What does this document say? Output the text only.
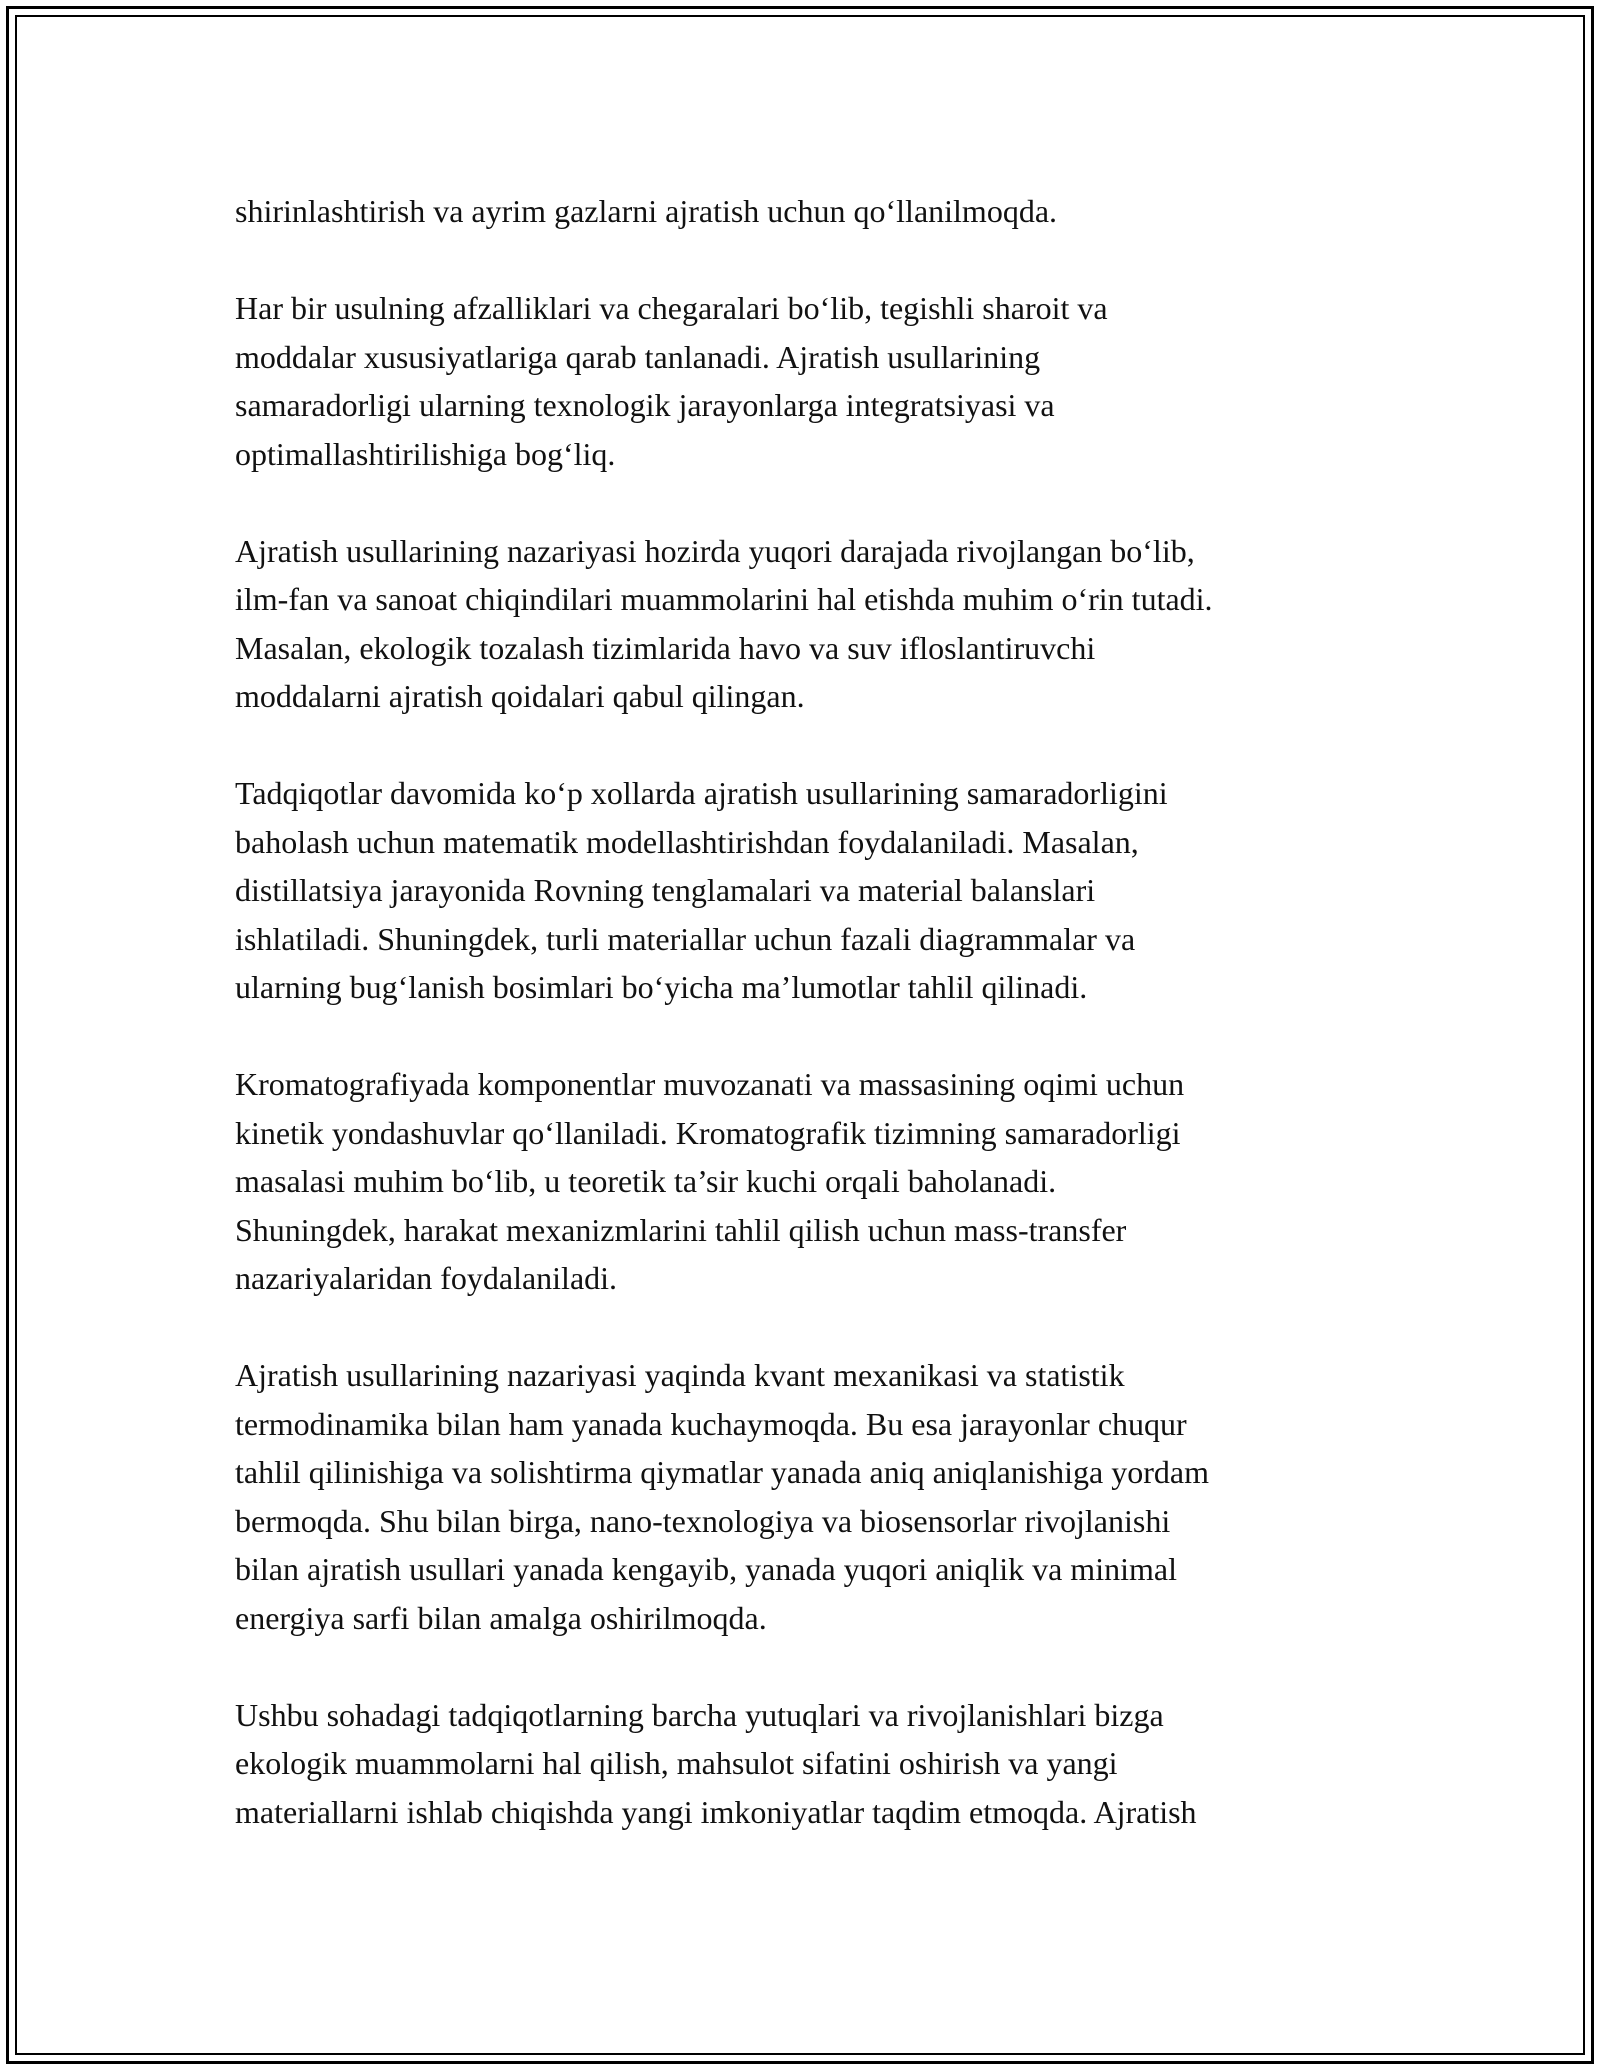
shirinlashtirish va ayrim gazlarni ajratish uchun qo‘llanilmoqda.

Har bir usulning afzalliklari va chegaralari bo‘lib, tegishli sharoit va
moddalar xususiyatlariga qarab tanlanadi. Ajratish usullarining
samaradorligi ularning texnologik jarayonlarga integratsiyasi va
optimallashtirilishiga bog‘liq.

Ajratish usullarining nazariyasi hozirda yuqori darajada rivojlangan bo‘lib,
ilm-fan va sanoat chiqindilari muammolarini hal etishda muhim o‘rin tutadi.
Masalan, ekologik tozalash tizimlarida havo va suv ifloslantiruvchi
moddalarni ajratish qoidalari qabul qilingan.

Tadqiqotlar davomida ko‘p xollarda ajratish usullarining samaradorligini
baholash uchun matematik modellashtirishdan foydalaniladi. Masalan,
distillatsiya jarayonida Rovning tenglamalari va material balanslari
ishlatiladi. Shuningdek, turli materiallar uchun fazali diagrammalar va
ularning bug‘lanish bosimlari bo‘yicha ma’lumotlar tahlil qilinadi.

Kromatografiyada komponentlar muvozanati va massasining oqimi uchun
kinetik yondashuvlar qo‘llaniladi. Kromatografik tizimning samaradorligi
masalasi muhim bo‘lib, u teoretik ta’sir kuchi orqali baholanadi.
Shuningdek, harakat mexanizmlarini tahlil qilish uchun mass-transfer
nazariyalaridan foydalaniladi.

Ajratish usullarining nazariyasi yaqinda kvant mexanikasi va statistik
termodinamika bilan ham yanada kuchaymoqda. Bu esa jarayonlar chuqur
tahlil qilinishiga va solishtirma qiymatlar yanada aniq aniqlanishiga yordam
bermoqda. Shu bilan birga, nano-texnologiya va biosensorlar rivojlanishi
bilan ajratish usullari yanada kengayib, yanada yuqori aniqlik va minimal
energiya sarfi bilan amalga oshirilmoqda.

Ushbu sohadagi tadqiqotlarning barcha yutuqlari va rivojlanishlari bizga
ekologik muammolarni hal qilish, mahsulot sifatini oshirish va yangi
materiallarni ishlab chiqishda yangi imkoniyatlar taqdim etmoqda. Ajratish
